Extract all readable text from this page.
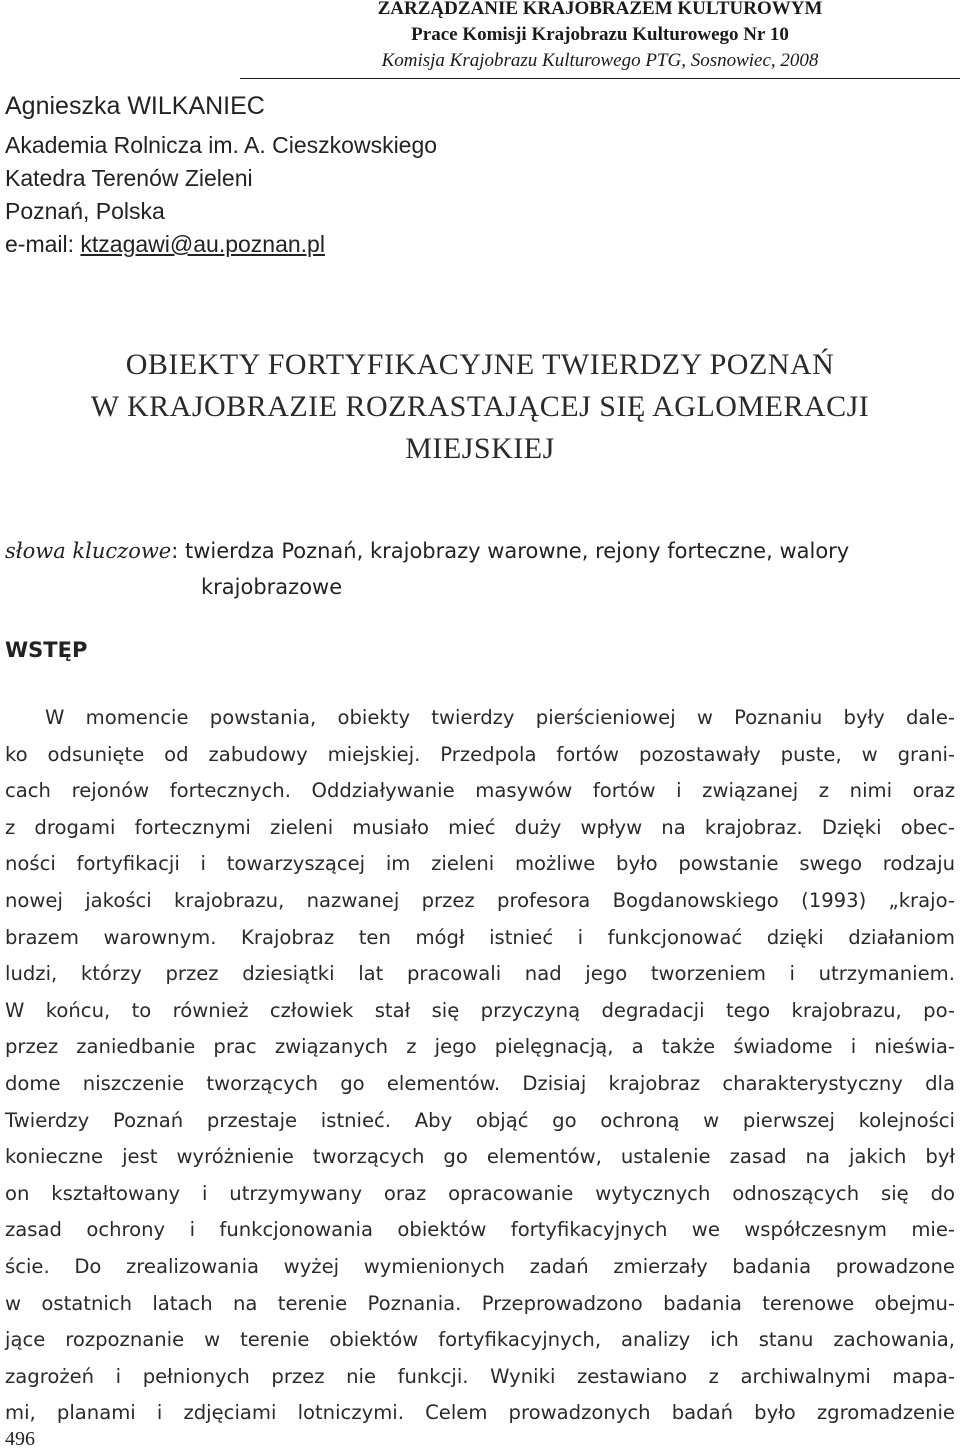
ZARZĄDZANIE KRAJOBRAZEM KULTUROWYM
Prace Komisji Krajobrazu Kulturowego Nr 10
Komisja Krajobrazu Kulturowego PTG, Sosnowiec, 2008
Agnieszka WILKANIEC
Akademia Rolnicza im. A. Cieszkowskiego
Katedra Terenów Zieleni
Poznań, Polska
e-mail: ktzagawi@au.poznan.pl
OBIEKTY FORTYFIKACYJNE TWIERDZY POZNAŃ
W KRAJOBRAZIE ROZRASTAJĄCEJ SIĘ AGLOMERACJI
MIEJSKIEJ
słowa kluczowe: twierdza Poznań, krajobrazy warowne, rejony forteczne, walory
krajobrazowe
WSTĘP
W momencie powstania, obiekty twierdzy pierścieniowej w Poznaniu były dale-
ko odsunięte od zabudowy miejskiej. Przedpola fortów pozostawały puste, w grani-
cach rejonów fortecznych. Oddziaływanie masywów fortów i związanej z nimi oraz
z drogami fortecznymi zieleni musiało mieć duży wpływ na krajobraz. Dzięki obec-
ności fortyfikacji i towarzyszącej im zieleni możliwe było powstanie swego rodzaju
nowej jakości krajobrazu, nazwanej przez profesora Bogdanowskiego (1993) „krajo-
brazem warownym. Krajobraz ten mógł istnieć i funkcjonować dzięki działaniom
ludzi, którzy przez dziesiątki lat pracowali nad jego tworzeniem i utrzymaniem.
W końcu, to również człowiek stał się przyczyną degradacji tego krajobrazu, po-
przez zaniedbanie prac związanych z jego pielęgnacją, a także świadome i nieświa-
dome niszczenie tworzących go elementów. Dzisiaj krajobraz charakterystyczny dla
Twierdzy Poznań przestaje istnieć. Aby objąć go ochroną w pierwszej kolejności
konieczne jest wyróżnienie tworzących go elementów, ustalenie zasad na jakich był
on kształtowany i utrzymywany oraz opracowanie wytycznych odnoszących się do
zasad ochrony i funkcjonowania obiektów fortyfikacyjnych we współczesnym mie-
ście. Do zrealizowania wyżej wymienionych zadań zmierzały badania prowadzone
w ostatnich latach na terenie Poznania. Przeprowadzono badania terenowe obejmu-
jące rozpoznanie w terenie obiektów fortyfikacyjnych, analizy ich stanu zachowania,
zagrożeń i pełnionych przez nie funkcji. Wyniki zestawiano z archiwalnymi mapa-
mi, planami i zdjęciami lotniczymi. Celem prowadzonych badań było zgromadzenie
496
